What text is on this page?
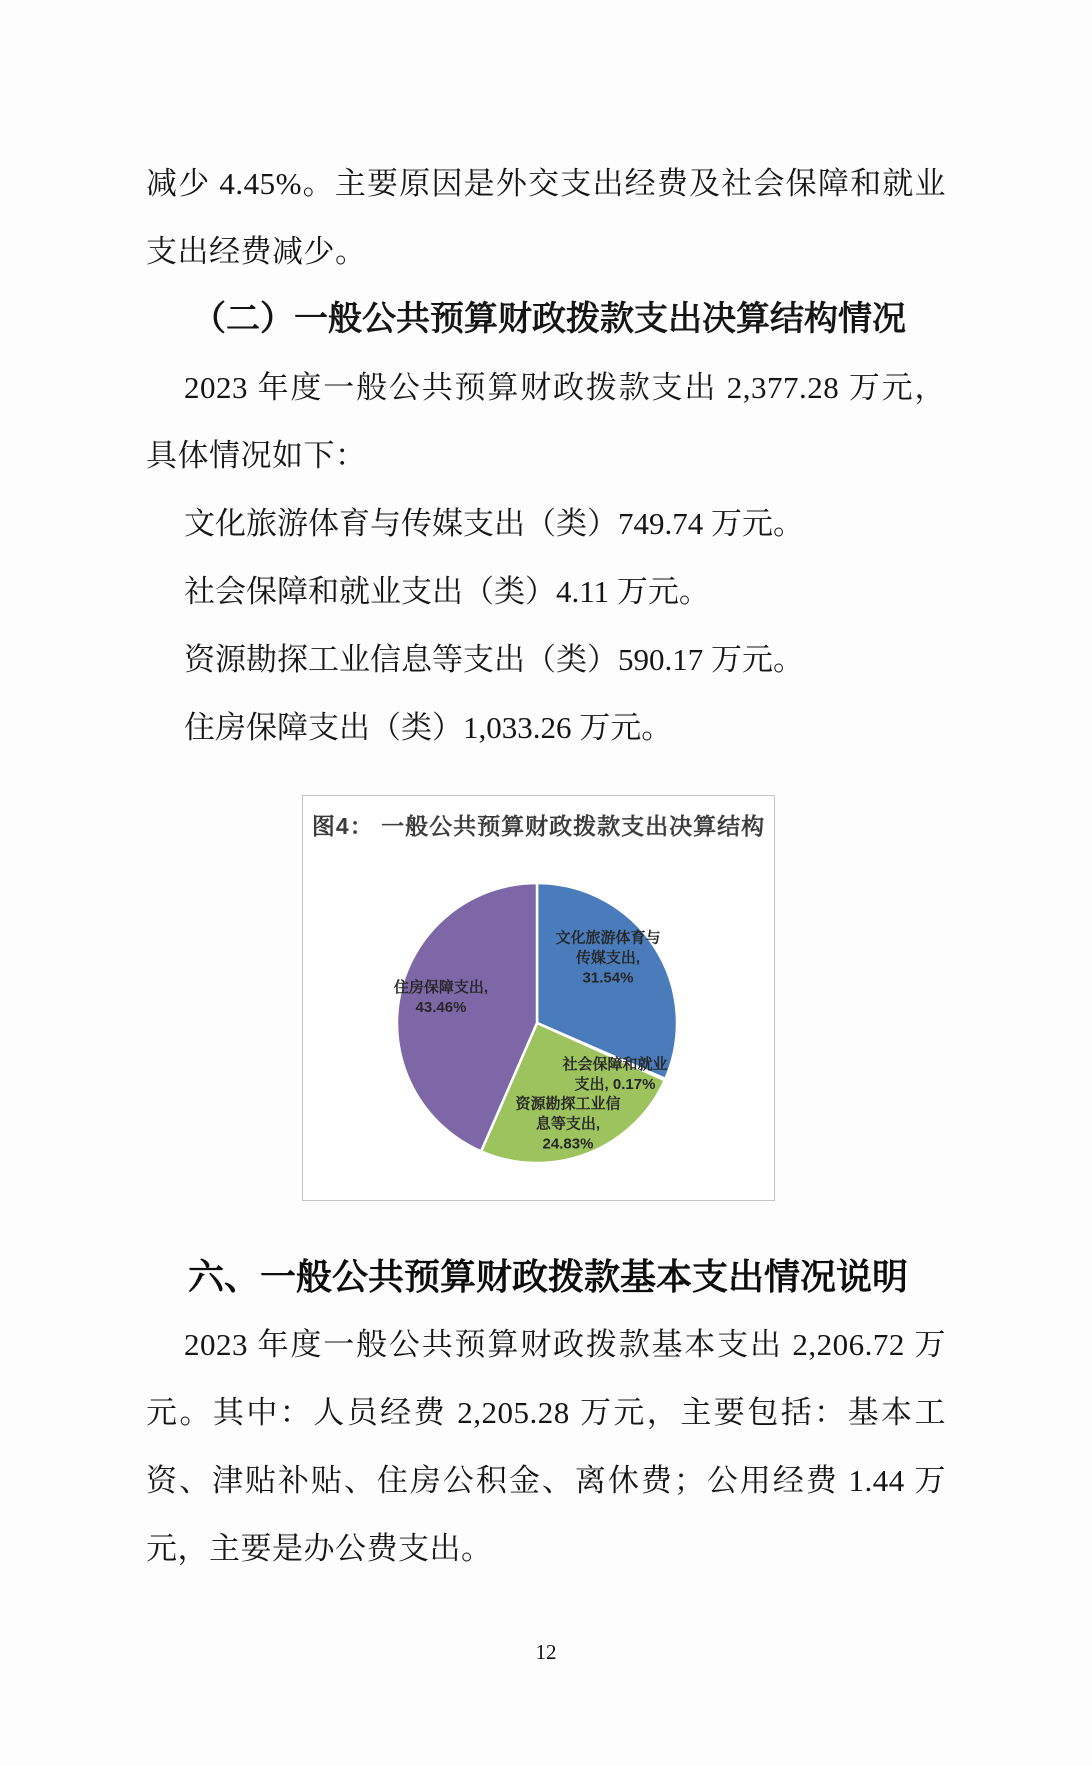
减少 4.45%。主要原因是外交支出经费及社会保障和就业支出经费减少。

（二）一般公共预算财政拨款支出决算结构情况

2023 年度一般公共预算财政拨款支出 2,377.28 万元，具体情况如下：

文化旅游体育与传媒支出（类）749.74 万元。

社会保障和就业支出（类）4.11 万元。

资源勘探工业信息等支出（类）590.17 万元。

住房保障支出（类）1,033.26 万元。

图4： 一般公共预算财政拨款支出决算结构
文化旅游体育与
传媒支出,
31.54%
社会保障和就业
支出, 0.17%
资源勘探工业信
息等支出,
24.83%
住房保障支出,
43.46%

六、一般公共预算财政拨款基本支出情况说明

2023 年度一般公共预算财政拨款基本支出 2,206.72 万元。其中：人员经费 2,205.28 万元，主要包括：基本工资、津贴补贴、住房公积金、离休费；公用经费 1.44 万元，主要是办公费支出。

12
